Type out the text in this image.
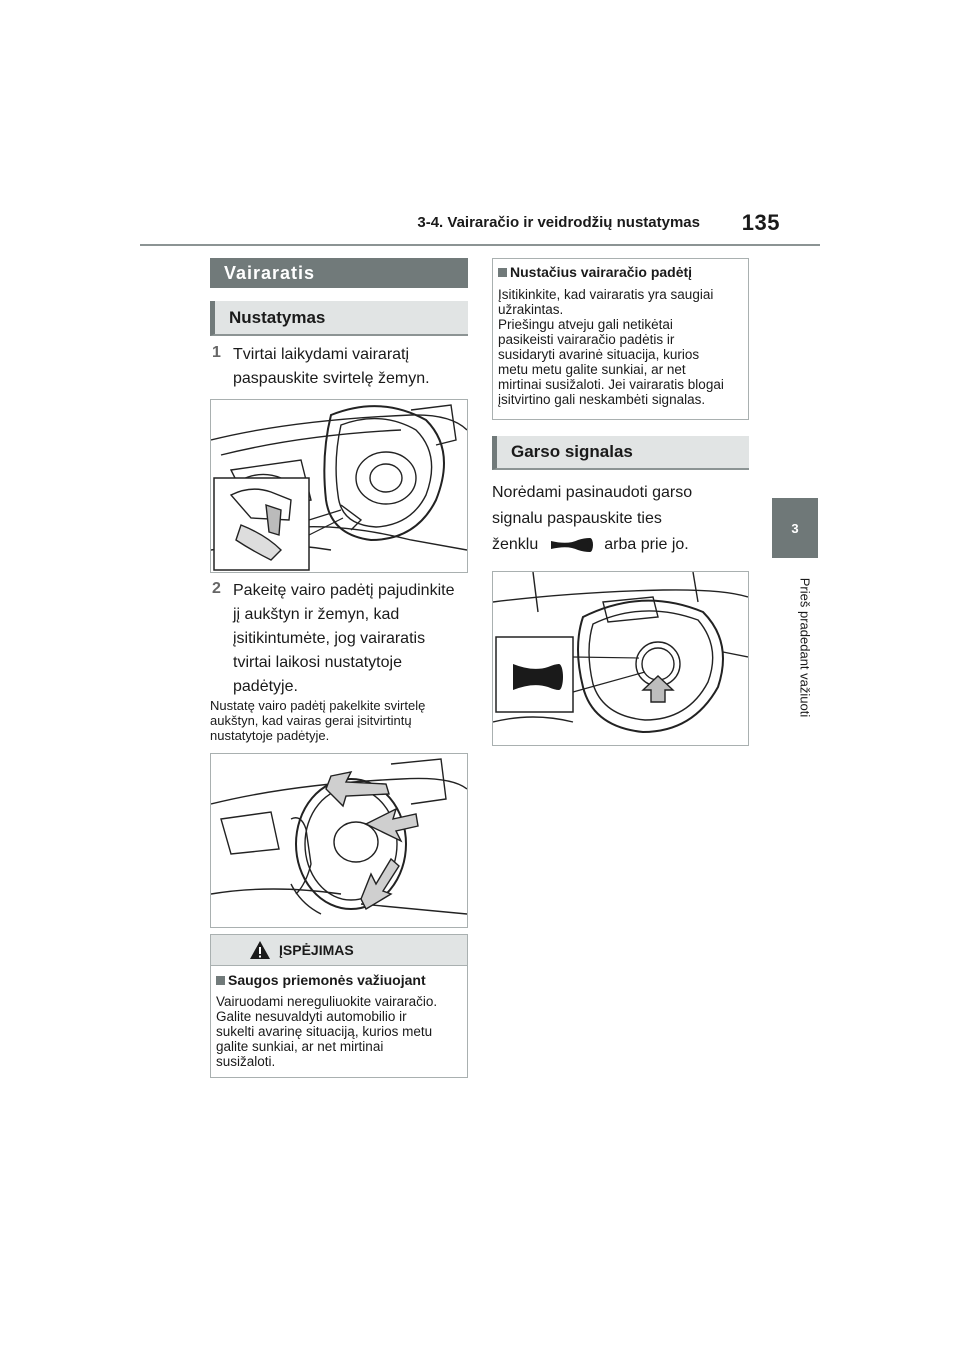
3-4. Vairaračio ir veidrodžių nustatymas	135
3
Prieš pradedant važiuoti
Vairaratis
Nustatymas
1 Tvirtai laikydami vairaratį
paspauskite svirtelę žemyn.
2 Pakeitę vairo padėtį pajudinkite
jį aukštyn ir žemyn, kad
įsitikintumėte, jog vairaratis
tvirtai laikosi nustatytoje
padėtyje.
Nustatę vairo padėtį pakelkite svirtelę
aukštyn, kad vairas gerai įsitvirtintų
nustatytoje padėtyje.
ĮSPĖJIMAS
Saugos priemonės važiuojant
Vairuodami nereguliuokite vairaračio.
Galite nesuvaldyti automobilio ir
sukelti avarinę situaciją, kurios metu
galite sunkiai, ar net mirtinai
susižaloti.
Nustačius vairaračio padėtį
Įsitikinkite, kad vairaratis yra saugiai
užrakintas.
Priešingu atveju gali netikėtai
pasikeisti vairaračio padėtis ir
susidaryti avarinė situacija, kurios
metu metu galite sunkiai, ar net
mirtinai susižaloti. Jei vairaratis blogai
įsitvirtino gali neskambėti signalas.
Garso signalas
Norėdami pasinaudoti garso
signalu paspauskite ties
ženklu	arba prie jo.
